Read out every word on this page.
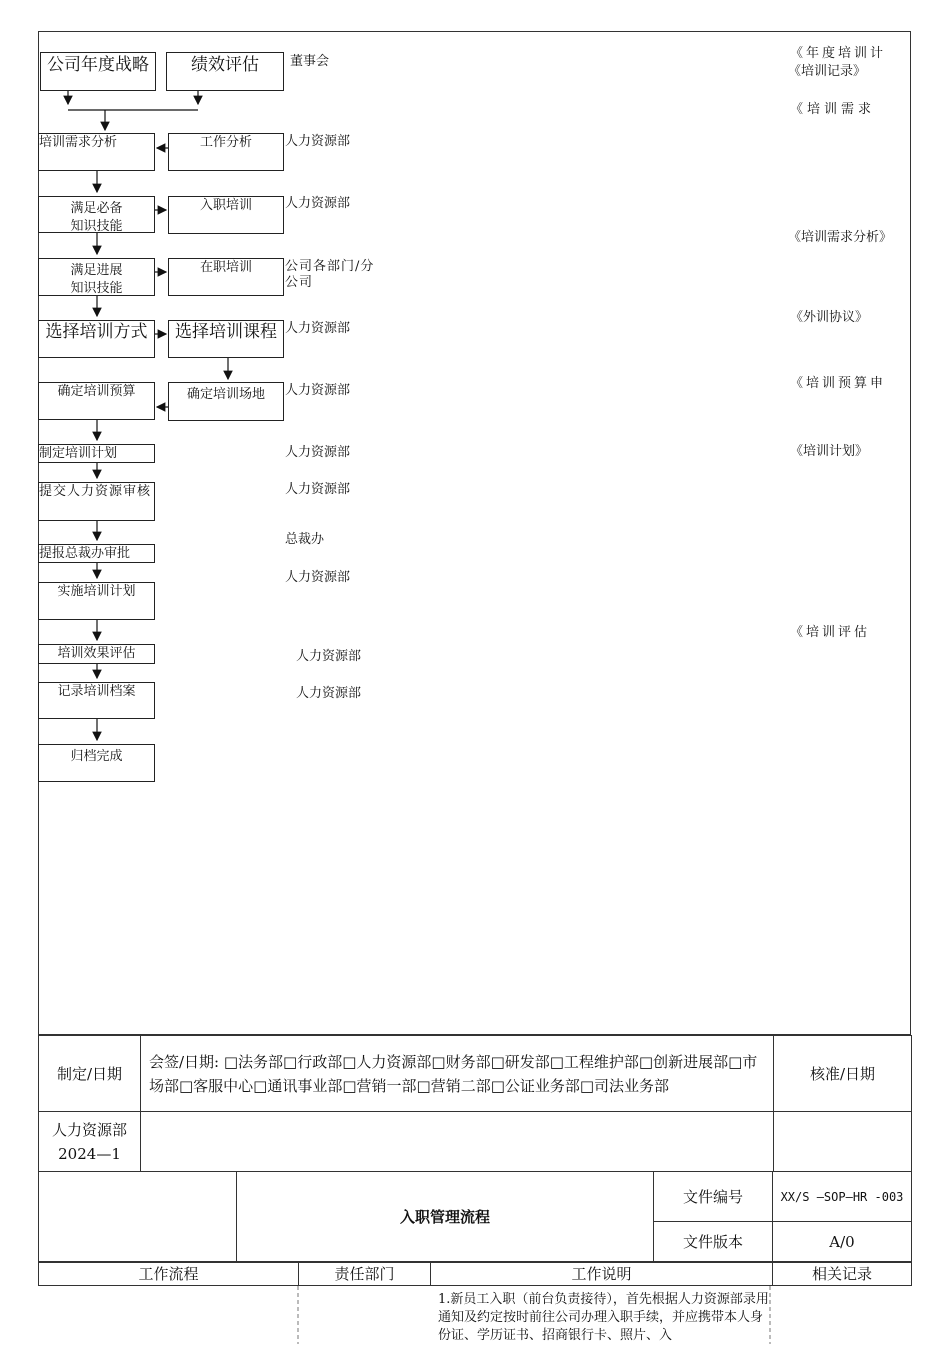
公司年度战略	绩效评估
培训需求分析	工作分析
满足必备
知识技能
入职培训
满足进展
知识技能
在职培训
选择培训方式	选择培训课程
确定培训预算	确定培训场地
制定培训计划
提交人力资源审核
提报总裁办审批
实施培训计划
培训效果评估
记录培训档案
归档完成
董事会
人力资源部
人力资源部
公司各部门/分公司
人力资源部
人力资源部
人力资源部
人力资源部
总裁办
人力资源部
人力资源部
人力资源部
《年度培训计
《培训记录》
《培训需求
《培训需求分析》
《外训协议》
《培训预算申
《培训计划》
《培训评估
制定/日期	会签/日期: □法务部□行政部□人力资源部□财务部□研发部□工程维护部□创新进展部□市场部□客服中心□通讯事业部□营销一部□营销二部□公证业务部□司法业务部	核准/日期

人力资源部
2024—1		

	入职管理流程	文件编号	XX/S —SOP—HR -003
		文件版本	A/0
工作流程	责任部门	工作说明	相关记录
1.新员工入职（前台负责接待），首先根据人力资源部录用通知及约定按时前往公司办理入职手续，并应携带本人身份证、学历证书、招商银行卡、照片、入
